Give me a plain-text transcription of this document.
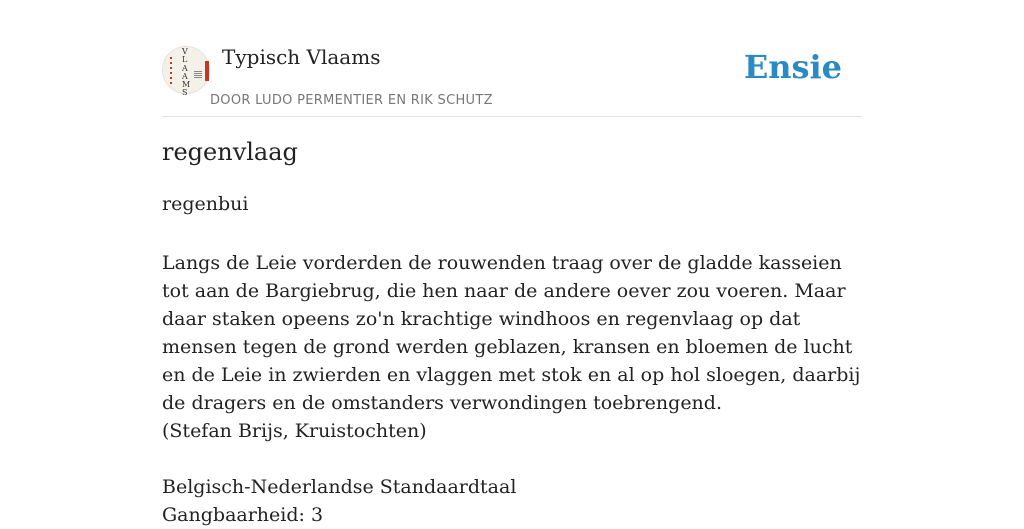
V
L
A
A
M
S
Typisch Vlaams
DOOR LUDO PERMENTIER EN RIK SCHUTZ
Ensie
regenvlaag
regenbui
Langs de Leie vorderden de rouwenden traag over de gladde kasseien tot aan de Bargiebrug, die hen naar de andere oever zou voeren. Maar daar staken opeens zo'n krachtige windhoos en regenvlaag op dat mensen tegen de grond werden geblazen, kransen en bloemen de lucht en de Leie in zwierden en vlaggen met stok en al op hol sloegen, daarbij de dragers en de omstanders verwondingen toebrengend.
(Stefan Brijs, Kruistochten)
Belgisch-Nederlandse Standaardtaal
Gangbaarheid: 3
